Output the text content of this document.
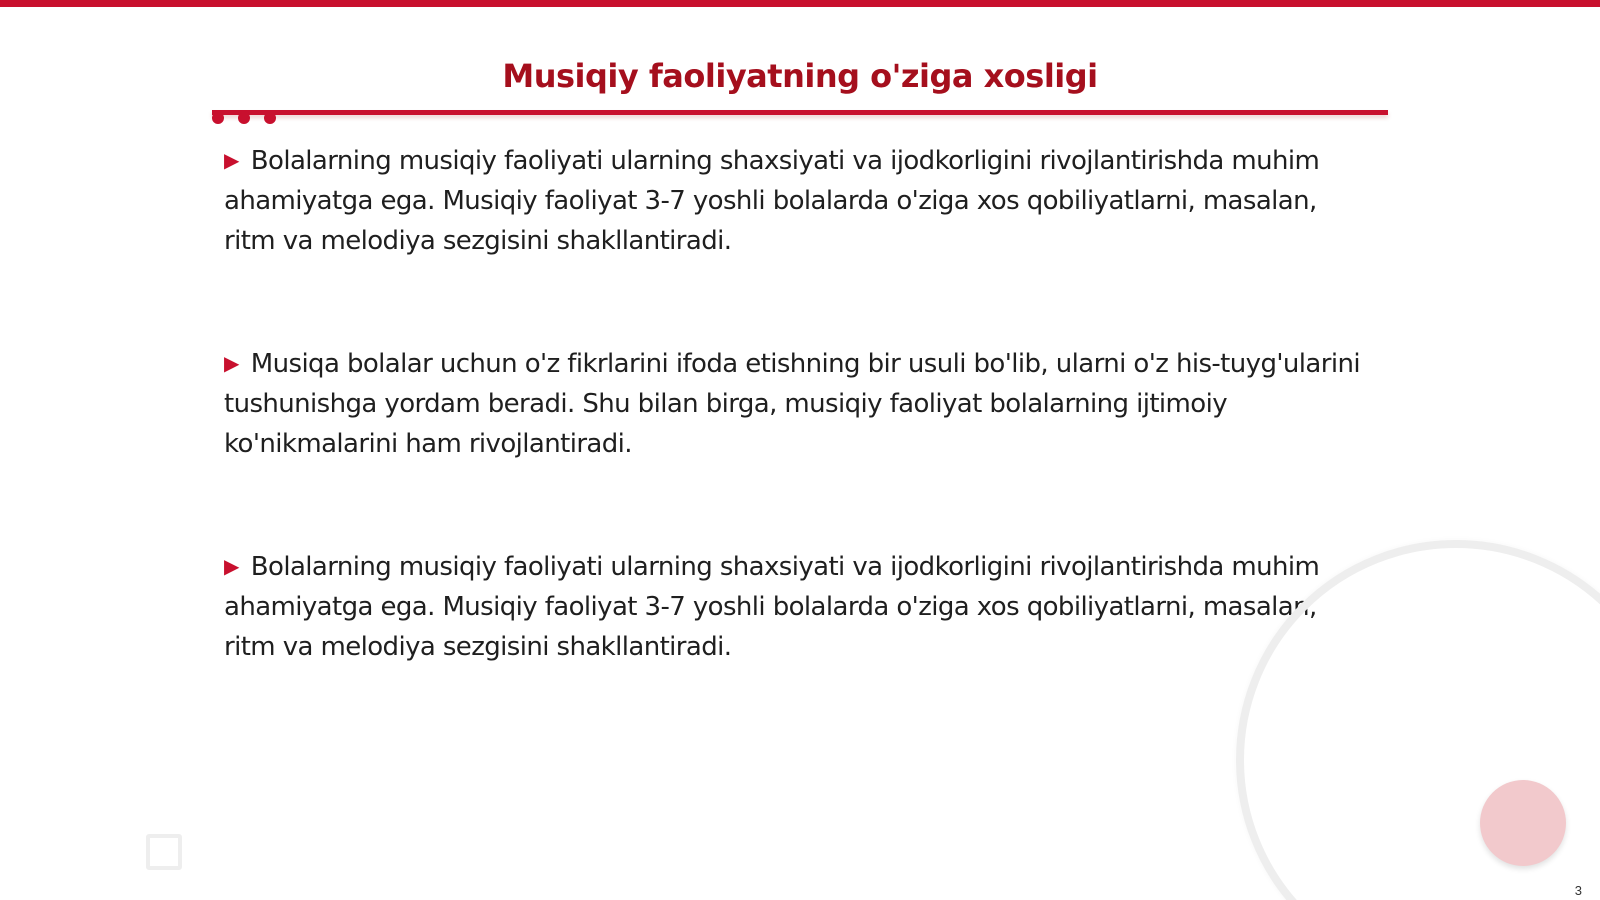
Musiqiy faoliyatning o'ziga xosligi

▶ Bolalarning musiqiy faoliyati ularning shaxsiyati va ijodkorligini rivojlantirishda muhim ahamiyatga ega. Musiqiy faoliyat 3-7 yoshli bolalarda o'ziga xos qobiliyatlarni, masalan, ritm va melodiya sezgisini shakllantiradi.

▶ Musiqa bolalar uchun o'z fikrlarini ifoda etishning bir usuli bo'lib, ularni o'z his-tuyg'ularini tushunishga yordam beradi. Shu bilan birga, musiqiy faoliyat bolalarning ijtimoiy ko'nikmalarini ham rivojlantiradi.

▶ Bolalarning musiqiy faoliyati ularning shaxsiyati va ijodkorligini rivojlantirishda muhim ahamiyatga ega. Musiqiy faoliyat 3-7 yoshli bolalarda o'ziga xos qobiliyatlarni, masalan, ritm va melodiya sezgisini shakllantiradi.

3
